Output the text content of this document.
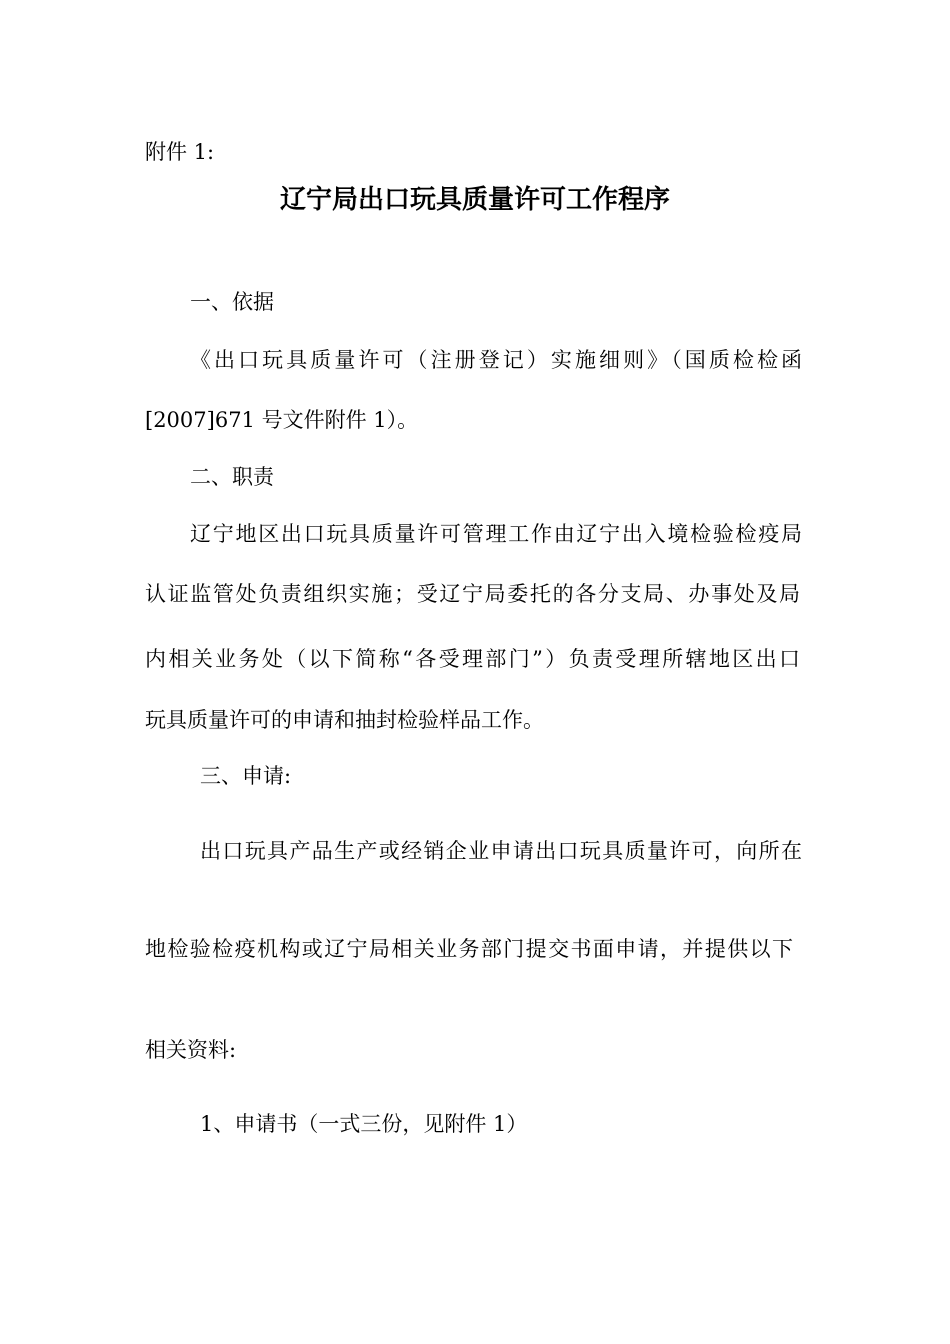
附件 1:
辽宁局出口玩具质量许可工作程序
一、依据
《出口玩具质量许可（注册登记）实施细则》（国质检检函
[2007]671 号文件附件 1）。
二、职责
辽宁地区出口玩具质量许可管理工作由辽宁出入境检验检疫局
认证监管处负责组织实施；受辽宁局委托的各分支局、办事处及局
内相关业务处（以下简称“各受理部门”）负责受理所辖地区出口
玩具质量许可的申请和抽封检验样品工作。
三、申请:
出口玩具产品生产或经销企业申请出口玩具质量许可，向所在
地检验检疫机构或辽宁局相关业务部门提交书面申请，并提供以下
相关资料:
1、申请书（一式三份，见附件 1）
